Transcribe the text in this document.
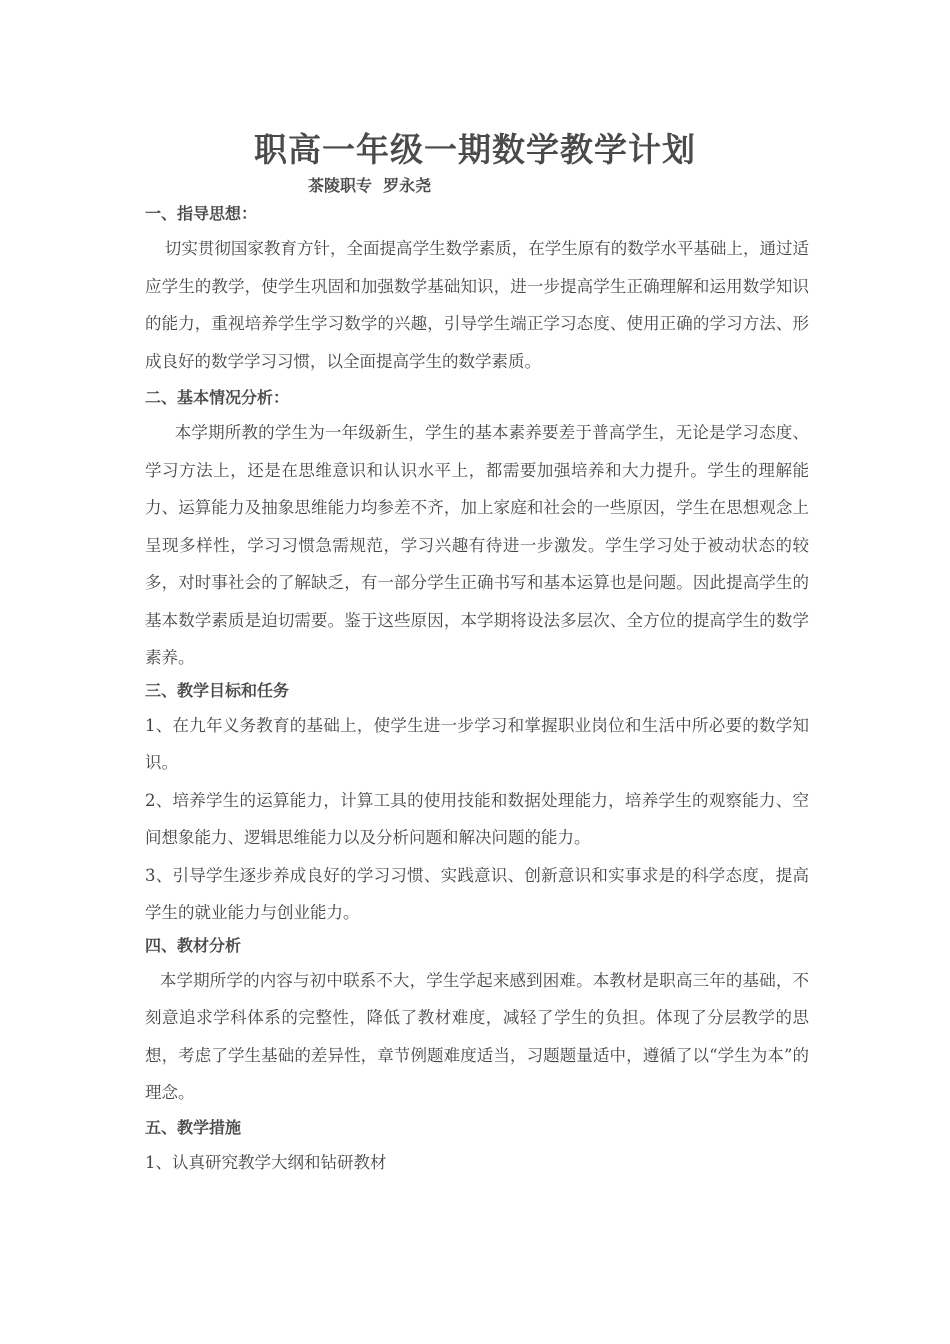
职高一年级一期数学教学计划
茶陵职专  罗永尧

一、指导思想：

切实贯彻国家教育方针，全面提高学生数学素质，在学生原有的数学水平基础上，通过适应学生的教学，使学生巩固和加强数学基础知识，进一步提高学生正确理解和运用数学知识的能力，重视培养学生学习数学的兴趣，引导学生端正学习态度、使用正确的学习方法、形成良好的数学学习习惯，以全面提高学生的数学素质。

二、基本情况分析：

本学期所教的学生为一年级新生，学生的基本素养要差于普高学生，无论是学习态度、学习方法上，还是在思维意识和认识水平上，都需要加强培养和大力提升。学生的理解能力、运算能力及抽象思维能力均参差不齐，加上家庭和社会的一些原因，学生在思想观念上呈现多样性，学习习惯急需规范，学习兴趣有待进一步激发。学生学习处于被动状态的较多，对时事社会的了解缺乏，有一部分学生正确书写和基本运算也是问题。因此提高学生的基本数学素质是迫切需要。鉴于这些原因，本学期将设法多层次、全方位的提高学生的数学素养。

三、教学目标和任务

1、在九年义务教育的基础上，使学生进一步学习和掌握职业岗位和生活中所必要的数学知识。

2、培养学生的运算能力，计算工具的使用技能和数据处理能力，培养学生的观察能力、空间想象能力、逻辑思维能力以及分析问题和解决问题的能力。

3、引导学生逐步养成良好的学习习惯、实践意识、创新意识和实事求是的科学态度，提高学生的就业能力与创业能力。

四、教材分析

本学期所学的内容与初中联系不大，学生学起来感到困难。本教材是职高三年的基础，不刻意追求学科体系的完整性，降低了教材难度，减轻了学生的负担。体现了分层教学的思想，考虑了学生基础的差异性，章节例题难度适当，习题题量适中，遵循了以“学生为本”的理念。

五、教学措施

1、认真研究教学大纲和钻研教材
